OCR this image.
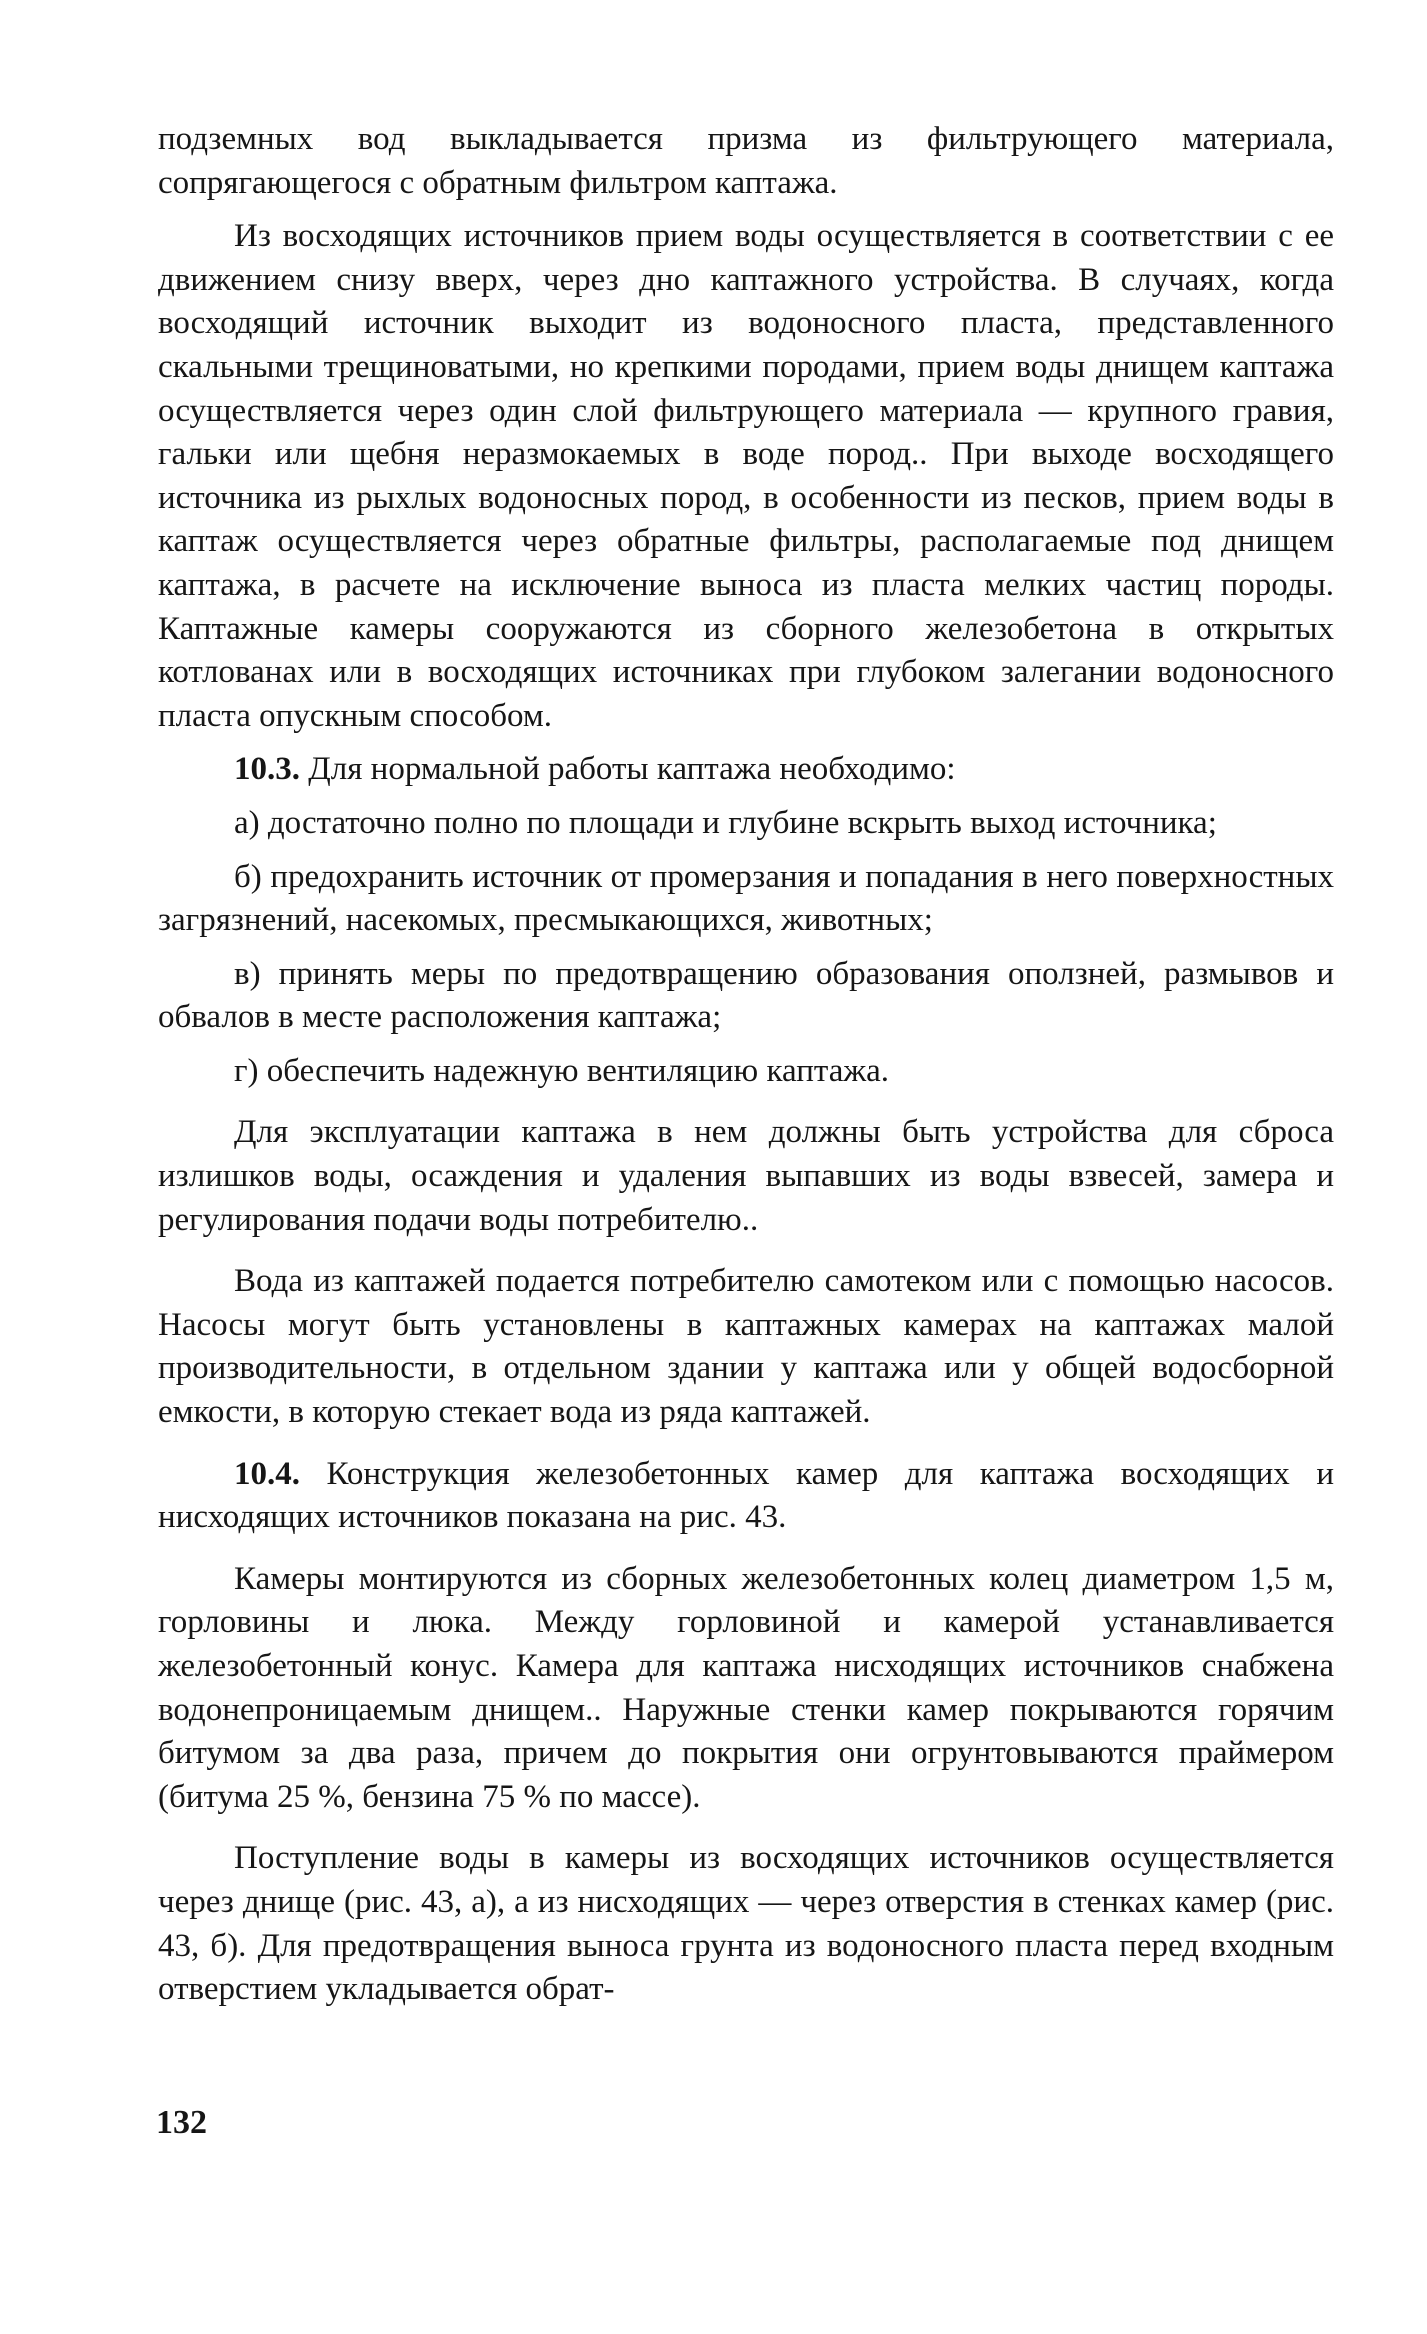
подземных вод выкладывается призма из фильтрующего материала, сопрягающегося с обратным фильтром каптажа.

Из восходящих источников прием воды осуществляется в соответствии с ее движением снизу вверх, через дно каптажного устройства. В случаях, когда восходящий источник выходит из водоносного пласта, представленного скальными трещиноватыми, но крепкими породами, прием воды днищем каптажа осуществляется через один слой фильтрующего материала — крупного гравия, гальки или щебня неразмокаемых в воде пород.. При выходе восходящего источника из рыхлых водоносных пород, в особенности из песков, прием воды в каптаж осуществляется через обратные фильтры, располагаемые под днищем каптажа, в расчете на исключение выноса из пласта мелких частиц породы. Каптажные камеры сооружаются из сборного железобетона в открытых котлованах или в восходящих источниках при глубоком залегании водоносного пласта опускным способом.

10.3. Для нормальной работы каптажа необходимо:

а) достаточно полно по площади и глубине вскрыть выход источника;

б) предохранить источник от промерзания и попадания в него поверхностных загрязнений, насекомых, пресмыкающихся, животных;

в) принять меры по предотвращению образования оползней, размывов и обвалов в месте расположения каптажа;

г) обеспечить надежную вентиляцию каптажа.

Для эксплуатации каптажа в нем должны быть устройства для сброса излишков воды, осаждения и удаления выпавших из воды взвесей, замера и регулирования подачи воды потребителю..

Вода из каптажей подается потребителю самотеком или с помощью насосов. Насосы могут быть установлены в каптажных камерах на каптажах малой производительности, в отдельном здании у каптажа или у общей водосборной емкости, в которую стекает вода из ряда каптажей.

10.4. Конструкция железобетонных камер для каптажа восходящих и нисходящих источников показана на рис. 43.

Камеры монтируются из сборных железобетонных колец диаметром 1,5 м, горловины и люка. Между горловиной и камерой устанавливается железобетонный конус. Камера для каптажа нисходящих источников снабжена водонепроницаемым днищем.. Наружные стенки камер покрываются горячим битумом за два раза, причем до покрытия они огрунтовываются праймером (битума 25 %, бензина 75 % по массе).

Поступление воды в камеры из восходящих источников осуществляется через днище (рис. 43, а), а из нисходящих — через отверстия в стенках камер (рис. 43, б). Для предотвращения выноса грунта из водоносного пласта перед входным отверстием укладывается обрат-

132
